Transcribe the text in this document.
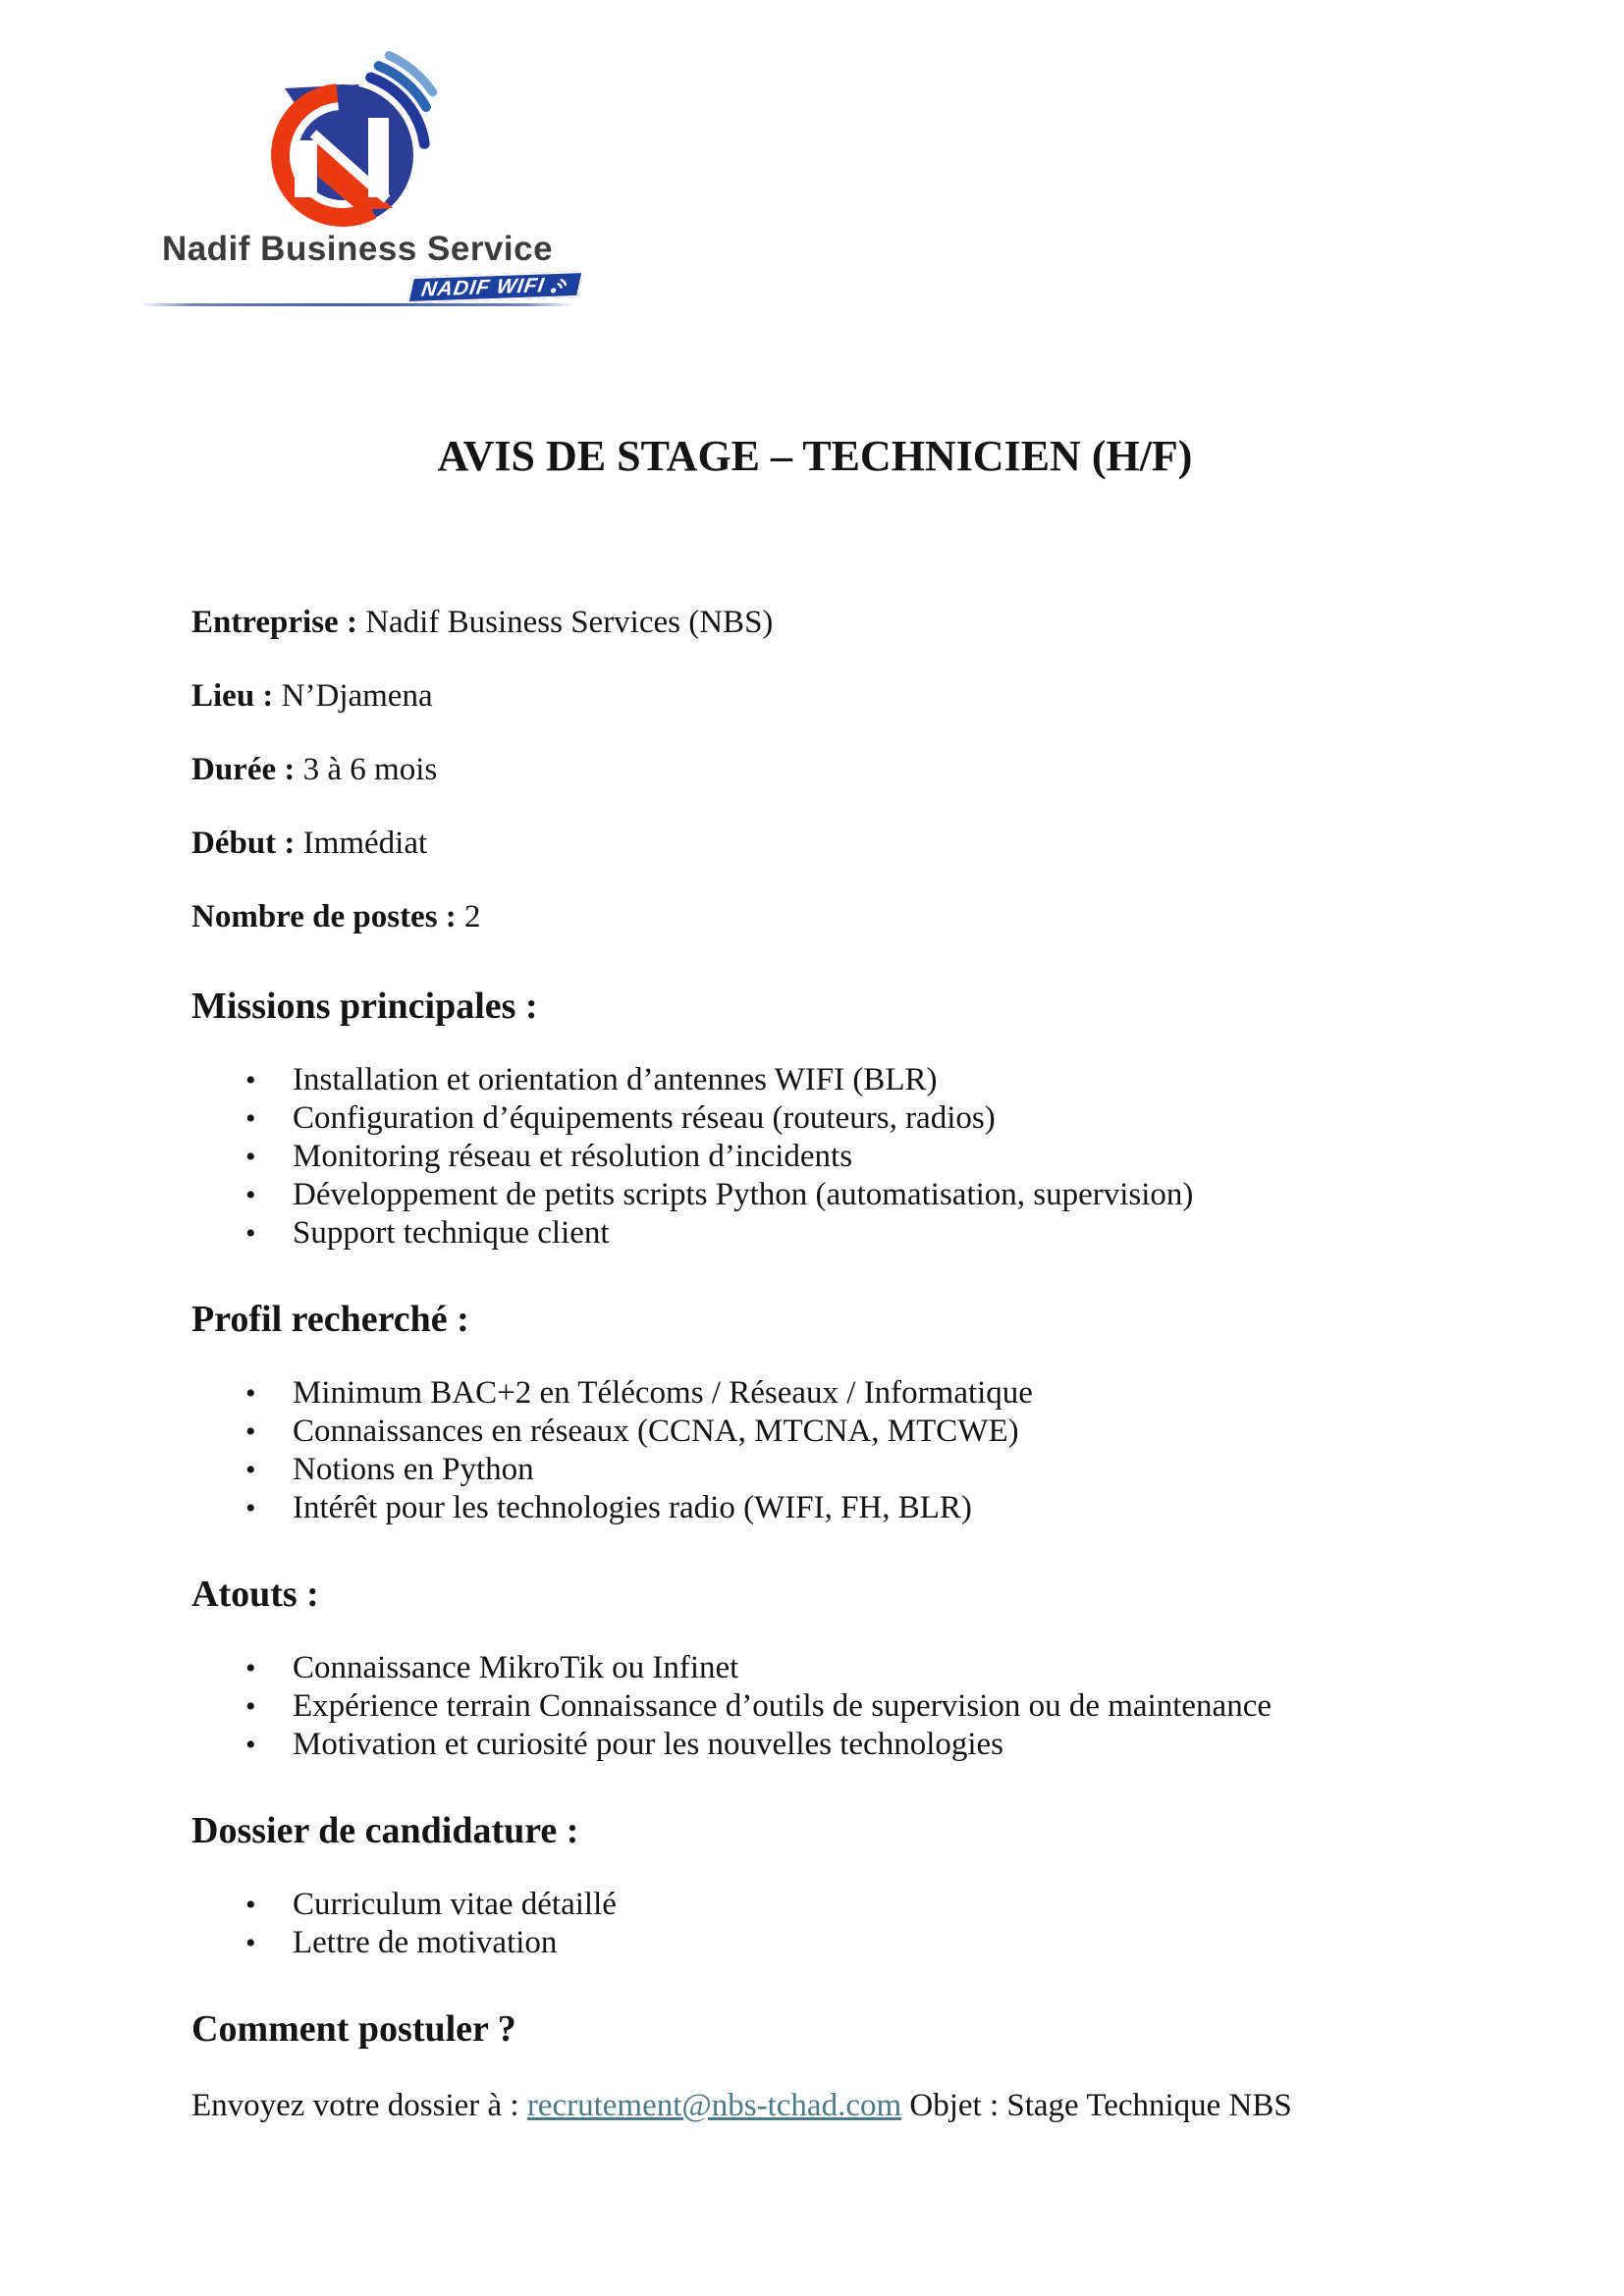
Nadif Business Service
NADIF WIFI
AVIS DE STAGE – TECHNICIEN (H/F)

Entreprise : Nadif Business Services (NBS)

Lieu : N’Djamena

Durée : 3 à 6 mois

Début : Immédiat

Nombre de postes : 2

Missions principales :
• Installation et orientation d’antennes WIFI (BLR)
• Configuration d’équipements réseau (routeurs, radios)
• Monitoring réseau et résolution d’incidents
• Développement de petits scripts Python (automatisation, supervision)
• Support technique client
Profil recherché :
• Minimum BAC+2 en Télécoms / Réseaux / Informatique
• Connaissances en réseaux (CCNA, MTCNA, MTCWE)
• Notions en Python
• Intérêt pour les technologies radio (WIFI, FH, BLR)
Atouts :
• Connaissance MikroTik ou Infinet
• Expérience terrain Connaissance d’outils de supervision ou de maintenance
• Motivation et curiosité pour les nouvelles technologies
Dossier de candidature :
• Curriculum vitae détaillé
• Lettre de motivation
Comment postuler ?

Envoyez votre dossier à : recrutement@nbs-tchad.com Objet : Stage Technique NBS
